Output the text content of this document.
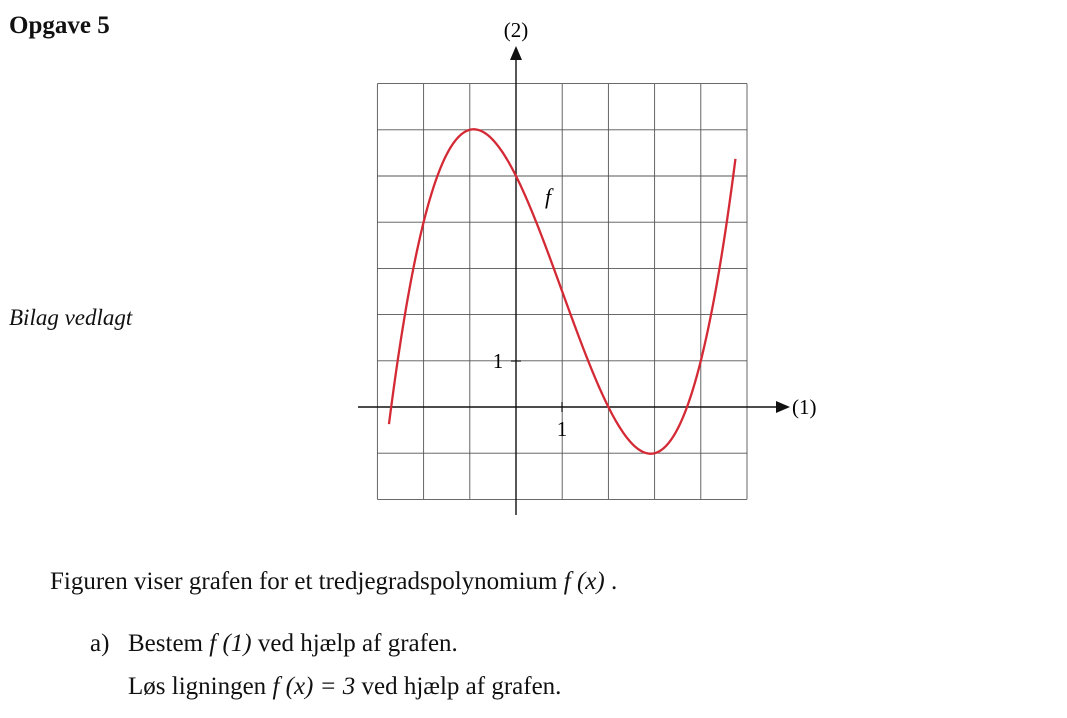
Opgave 5
Bilag vedlagt
(1)
(2)
1
1
f
Figuren viser grafen for et tredjegradspolynomium f (x) .
a) Bestem f (1) ved hjælp af grafen.
Løs ligningen f (x) = 3 ved hjælp af grafen.
